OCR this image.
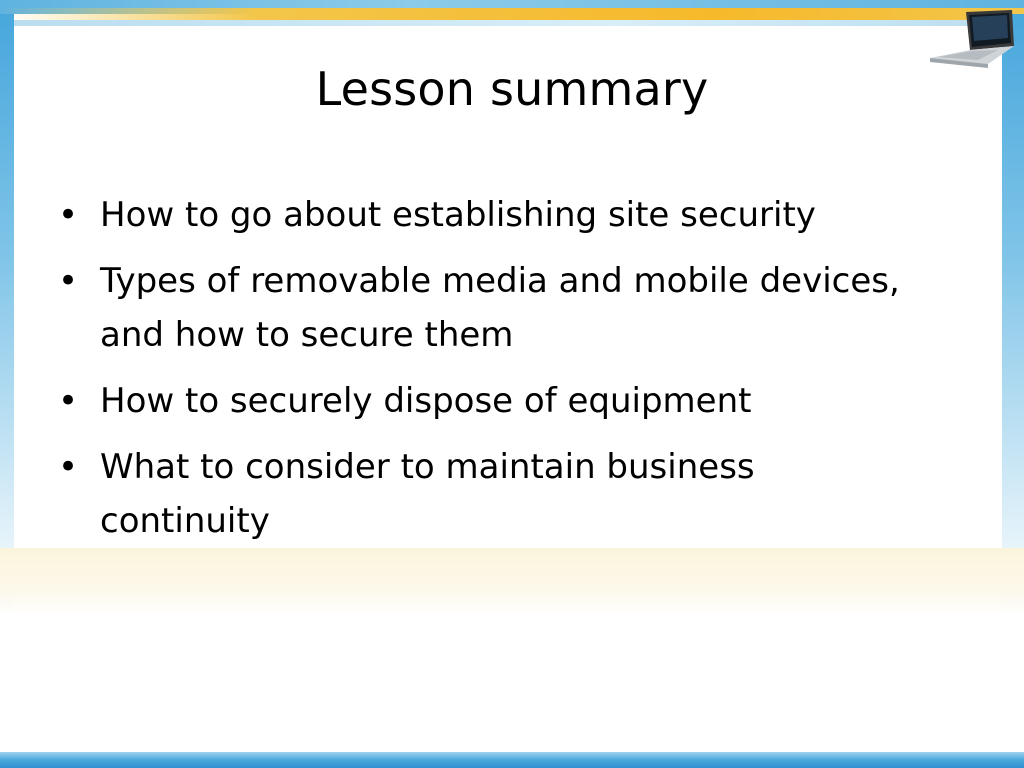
Lesson summary
• How to go about establishing site security
• Types of removable media and mobile devices, and how to secure them
• How to securely dispose of equipment
• What to consider to maintain business continuity
